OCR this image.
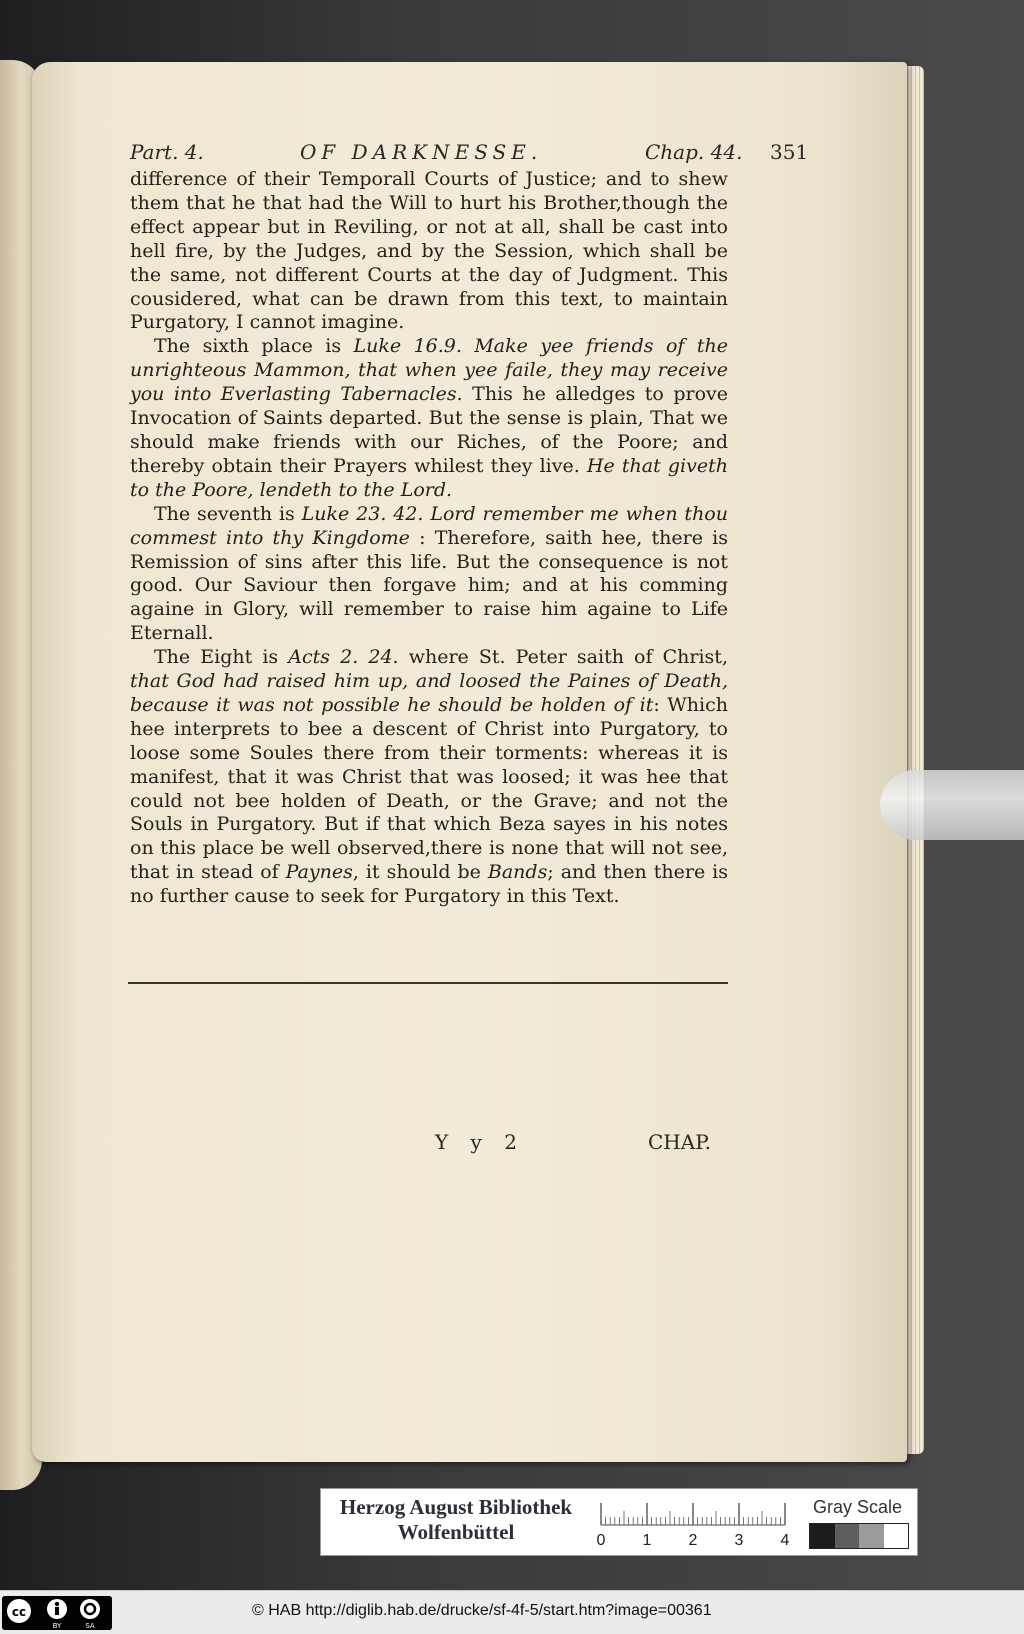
Part. 4.	OF DARKNESSE.	Chap. 44. 351

difference of their Temporall Courts of Justice; and to shew them that he that had the Will to hurt his Brother,though the effect appear but in Reviling, or not at all, shall be cast into hell fire, by the Judges, and by the Session, which shall be the same, not different Courts at the day of Judgment. This cousidered, what can be drawn from this text, to maintain Purgatory, I cannot imagine.

The sixth place is Luke 16.9. Make yee friends of the unrighteous Mammon, that when yee faile, they may receive you into Everlasting Tabernacles. This he alledges to prove Invocation of Saints departed. But the sense is plain, That we should make friends with our Riches, of the Poore; and thereby obtain their Prayers whilest they live. He that giveth to the Poore, lendeth to the Lord.

The seventh is Luke 23. 42. Lord remember me when thou commest into thy Kingdome : Therefore, saith hee, there is Remission of sins after this life. But the consequence is not good. Our Saviour then forgave him; and at his comming againe in Glory, will remember to raise him againe to Life Eternall.

The Eight is Acts 2. 24. where St. Peter saith of Christ, that God had raised him up, and loosed the Paines of Death, because it was not possible he should be holden of it: Which hee interprets to bee a descent of Christ into Purgatory, to loose some Soules there from their torments: whereas it is manifest, that it was Christ that was loosed; it was hee that could not bee holden of Death, or the Grave; and not the Souls in Purgatory. But if that which Beza sayes in his notes on this place be well observed,there is none that will not see, that in stead of Paynes, it should be Bands; and then there is no further cause to seek for Purgatory in this Text.

Y y 2	CHAP.
Herzog August Bibliothek
Wolfenbüttel	0 1 2 3 4
Gray Scale
cc
BY	SA
© HAB http://diglib.hab.de/drucke/sf-4f-5/start.htm?image=00361
